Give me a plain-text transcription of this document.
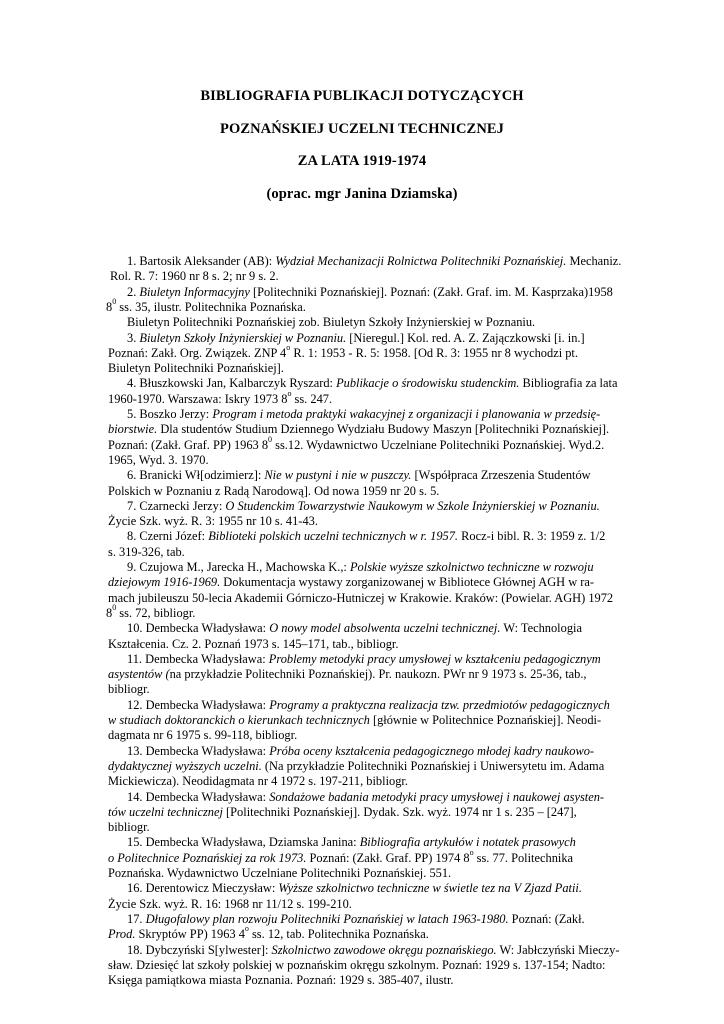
BIBLIOGRAFIA PUBLIKACJI DOTYCZĄCYCH
POZNAŃSKIEJ UCZELNI TECHNICZNEJ
ZA LATA 1919-1974
(oprac. mgr Janina Dziamska)
1. Bartosik Aleksander (AB): Wydział Mechanizacji Rolnictwa Politechniki Poznańskiej. Mechaniz.
Rol. R. 7: 1960 nr 8 s. 2; nr 9 s. 2.
2. Biuletyn Informacyjny [Politechniki Poznańskiej]. Poznań: (Zakł. Graf. im. M. Kasprzaka)1958
$8^0$ ss. 35, ilustr. Politechnika Poznańska.
Biuletyn Politechniki Poznańskiej zob. Biuletyn Szkoły Inżynierskiej w Poznaniu.
3. Biuletyn Szkoły Inżynierskiej w Poznaniu. [Nieregul.] Kol. red. A. Z. Zajączkowski [i. in.]
Poznań: Zakł. Org. Związek. ZNP 4$^o$ R. 1: 1953 - R. 5: 1958. [Od R. 3: 1955 nr 8 wychodzi pt.
Biuletyn Politechniki Poznańskiej].
4. Błuszkowski Jan, Kalbarczyk Ryszard: Publikacje o środowisku studenckim. Bibliografia za lata
1960-1970. Warszawa: Iskry 1973 8$^o$ ss. 247.
5. Boszko Jerzy: Program i metoda praktyki wakacyjnej z organizacji i planowania w przedsię-
biorstwie. Dla studentów Studium Dziennego Wydziału Budowy Maszyn [Politechniki Poznańskiej].
Poznań: (Zakł. Graf. PP) 1963 $8^0$ ss.12. Wydawnictwo Uczelniane Politechniki Poznańskiej. Wyd.2.
1965, Wyd. 3. 1970.
6. Branicki Wł[odzimierz]: Nie w pustyni i nie w puszczy. [Współpraca Zrzeszenia Studentów
Polskich w Poznaniu z Radą Narodową]. Od nowa 1959 nr 20 s. 5.
7. Czarnecki Jerzy: O Studenckim Towarzystwie Naukowym w Szkole Inżynierskiej w Poznaniu.
Życie Szk. wyż. R. 3: 1955 nr 10 s. 41-43.
8. Czerni Józef: Biblioteki polskich uczelni technicznych w r. 1957. Rocz-i bibl. R. 3: 1959 z. 1/2
s. 319-326, tab.
9. Czujowa M., Jarecka H., Machowska K.,: Polskie wyższe szkolnictwo techniczne w rozwoju
dziejowym 1916-1969. Dokumentacja wystawy zorganizowanej w Bibliotece Głównej AGH w ra-
mach jubileuszu 50-lecia Akademii Górniczo-Hutniczej w Krakowie. Kraków: (Powielar. AGH) 1972
$8^0$ ss. 72, bibliogr.
10. Dembecka Władysława: O nowy model absolwenta uczelni technicznej. W: Technologia
Kształcenia. Cz. 2. Poznań 1973 s. 145–171, tab., bibliogr.
11. Dembecka Władysława: Problemy metodyki pracy umysłowej w kształceniu pedagogicznym
asystentów (na przykładzie Politechniki Poznańskiej). Pr. naukozn. PWr nr 9 1973 s. 25-36, tab.,
bibliogr.
12. Dembecka Władysława: Programy a praktyczna realizacja tzw. przedmiotów pedagogicznych
w studiach doktoranckich o kierunkach technicznych [głównie w Politechnice Poznańskiej]. Neodi-
dagmata nr 6 1975 s. 99-118, bibliogr.
13. Dembecka Władysława: Próba oceny kształcenia pedagogicznego młodej kadry naukowo-
dydaktycznej wyższych uczelni. (Na przykładzie Politechniki Poznańskiej i Uniwersytetu im. Adama
Mickiewicza). Neodidagmata nr 4 1972 s. 197-211, bibliogr.
14. Dembecka Władysława: Sondażowe badania metodyki pracy umysłowej i naukowej asysten-
tów uczelni technicznej [Politechniki Poznańskiej]. Dydak. Szk. wyż. 1974 nr 1 s. 235 – [247],
bibliogr.
15. Dembecka Władysława, Dziamska Janina: Bibliografia artykułów i notatek prasowych
o Politechnice Poznańskiej za rok 1973. Poznań: (Zakł. Graf. PP) 1974 8$^o$ ss. 77. Politechnika
Poznańska. Wydawnictwo Uczelniane Politechniki Poznańskiej. 551.
16. Derentowicz Mieczysław: Wyższe szkolnictwo techniczne w świetle tez na V Zjazd Patii.
Życie Szk. wyż. R. 16: 1968 nr 11/12 s. 199-210.
17. Długofalowy plan rozwoju Politechniki Poznańskiej w latach 1963-1980. Poznań: (Zakł.
Prod. Skryptów PP) 1963 4$^o$ ss. 12, tab. Politechnika Poznańska.
18. Dybczyński S[ylwester]: Szkolnictwo zawodowe okręgu poznańskiego. W: Jabłczyński Mieczy-
sław. Dziesięć lat szkoły polskiej w poznańskim okręgu szkolnym. Poznań: 1929 s. 137-154; Nadto:
Księga pamiątkowa miasta Poznania. Poznań: 1929 s. 385-407, ilustr.
